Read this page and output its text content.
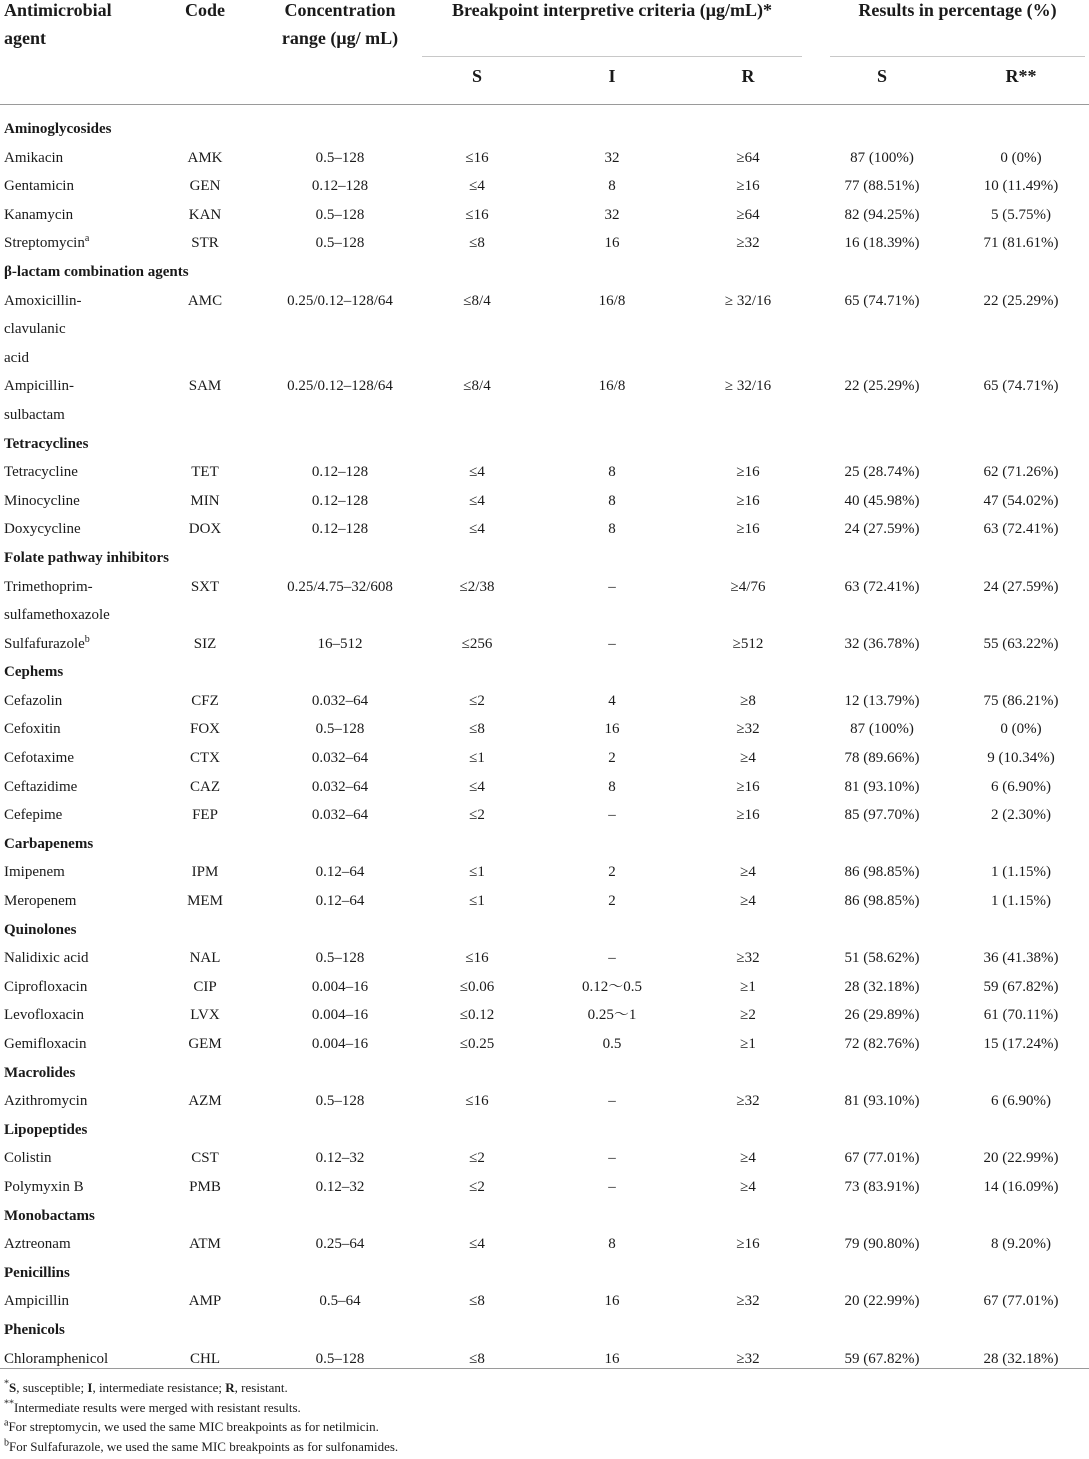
Antimicrobial
agent
Code	Concentration
range (μg/ mL)
Breakpoint interpretive criteria (μg/mL)*	Results in percentage (%)
S	I	R	S	R**
Aminoglycosides
Amikacin	AMK	0.5–128	≤16	32	≥64	87 (100%)	0 (0%)
Gentamicin	GEN	0.12–128	≤4	8	≥16	77 (88.51%)	10 (11.49%)
Kanamycin	KAN	0.5–128	≤16	32	≥64	82 (94.25%)	5 (5.75%)
Streptomycin$^a$	STR	0.5–128	≤8	16	≥32	16 (18.39%)	71 (81.61%)
β-lactam combination agents
Amoxicillin-
clavulanic
acid
AMC	0.25/0.12–128/64	≤8/4	16/8	≥ 32/16	65 (74.71%)	22 (25.29%)
Ampicillin-
sulbactam
SAM	0.25/0.12–128/64	≤8/4	16/8	≥ 32/16	22 (25.29%)	65 (74.71%)
Tetracyclines
Tetracycline	TET	0.12–128	≤4	8	≥16	25 (28.74%)	62 (71.26%)
Minocycline	MIN	0.12–128	≤4	8	≥16	40 (45.98%)	47 (54.02%)
Doxycycline	DOX	0.12–128	≤4	8	≥16	24 (27.59%)	63 (72.41%)
Folate pathway inhibitors
Trimethoprim-
sulfamethoxazole
SXT	0.25/4.75–32/608	≤2/38	–	≥4/76	63 (72.41%)	24 (27.59%)
Sulfafurazole$^b$	SIZ	16–512	≤256	–	≥512	32 (36.78%)	55 (63.22%)
Cephems
Cefazolin	CFZ	0.032–64	≤2	4	≥8	12 (13.79%)	75 (86.21%)
Cefoxitin	FOX	0.5–128	≤8	16	≥32	87 (100%)	0 (0%)
Cefotaxime	CTX	0.032–64	≤1	2	≥4	78 (89.66%)	9 (10.34%)
Ceftazidime	CAZ	0.032–64	≤4	8	≥16	81 (93.10%)	6 (6.90%)
Cefepime	FEP	0.032–64	≤2	–	≥16	85 (97.70%)	2 (2.30%)
Carbapenems
Imipenem	IPM	0.12–64	≤1	2	≥4	86 (98.85%)	1 (1.15%)
Meropenem	MEM	0.12–64	≤1	2	≥4	86 (98.85%)	1 (1.15%)
Quinolones
Nalidixic acid	NAL	0.5–128	≤16	–	≥32	51 (58.62%)	36 (41.38%)
Ciprofloxacin	CIP	0.004–16	≤0.06	0.12～0.5	≥1	28 (32.18%)	59 (67.82%)
Levofloxacin	LVX	0.004–16	≤0.12	0.25～1	≥2	26 (29.89%)	61 (70.11%)
Gemifloxacin	GEM	0.004–16	≤0.25	0.5	≥1	72 (82.76%)	15 (17.24%)
Macrolides
Azithromycin	AZM	0.5–128	≤16	–	≥32	81 (93.10%)	6 (6.90%)
Lipopeptides
Colistin	CST	0.12–32	≤2	–	≥4	67 (77.01%)	20 (22.99%)
Polymyxin B	PMB	0.12–32	≤2	–	≥4	73 (83.91%)	14 (16.09%)
Monobactams
Aztreonam	ATM	0.25–64	≤4	8	≥16	79 (90.80%)	8 (9.20%)
Penicillins
Ampicillin	AMP	0.5–64	≤8	16	≥32	20 (22.99%)	67 (77.01%)
Phenicols
Chloramphenicol	CHL	0.5–128	≤8	16	≥32	59 (67.82%)	28 (32.18%)
*S, susceptible; I, intermediate resistance; R, resistant.
**Intermediate results were merged with resistant results.
$^a$For streptomycin, we used the same MIC breakpoints as for netilmicin.
$^b$For Sulfafurazole, we used the same MIC breakpoints as for sulfonamides.
